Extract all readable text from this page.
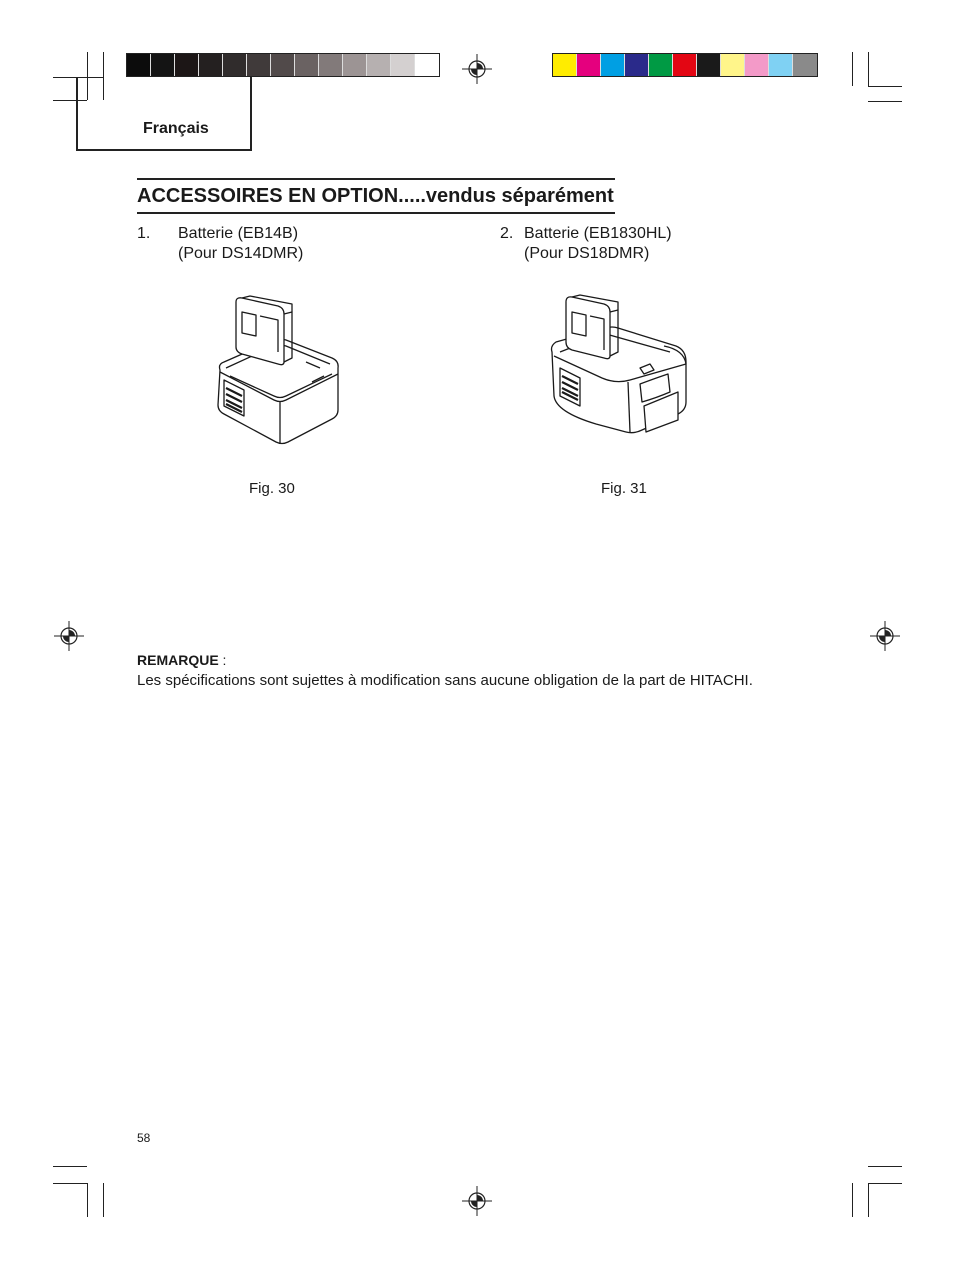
Français
ACCESSOIRES EN OPTION.....vendus séparément
1. Batterie (EB14B)
(Pour DS14DMR)
2. Batterie (EB1830HL)
(Pour DS18DMR)
Fig. 30	Fig. 31
REMARQUE :
Les spécifications sont sujettes à modification sans aucune obligation de la part de HITACHI.
58
